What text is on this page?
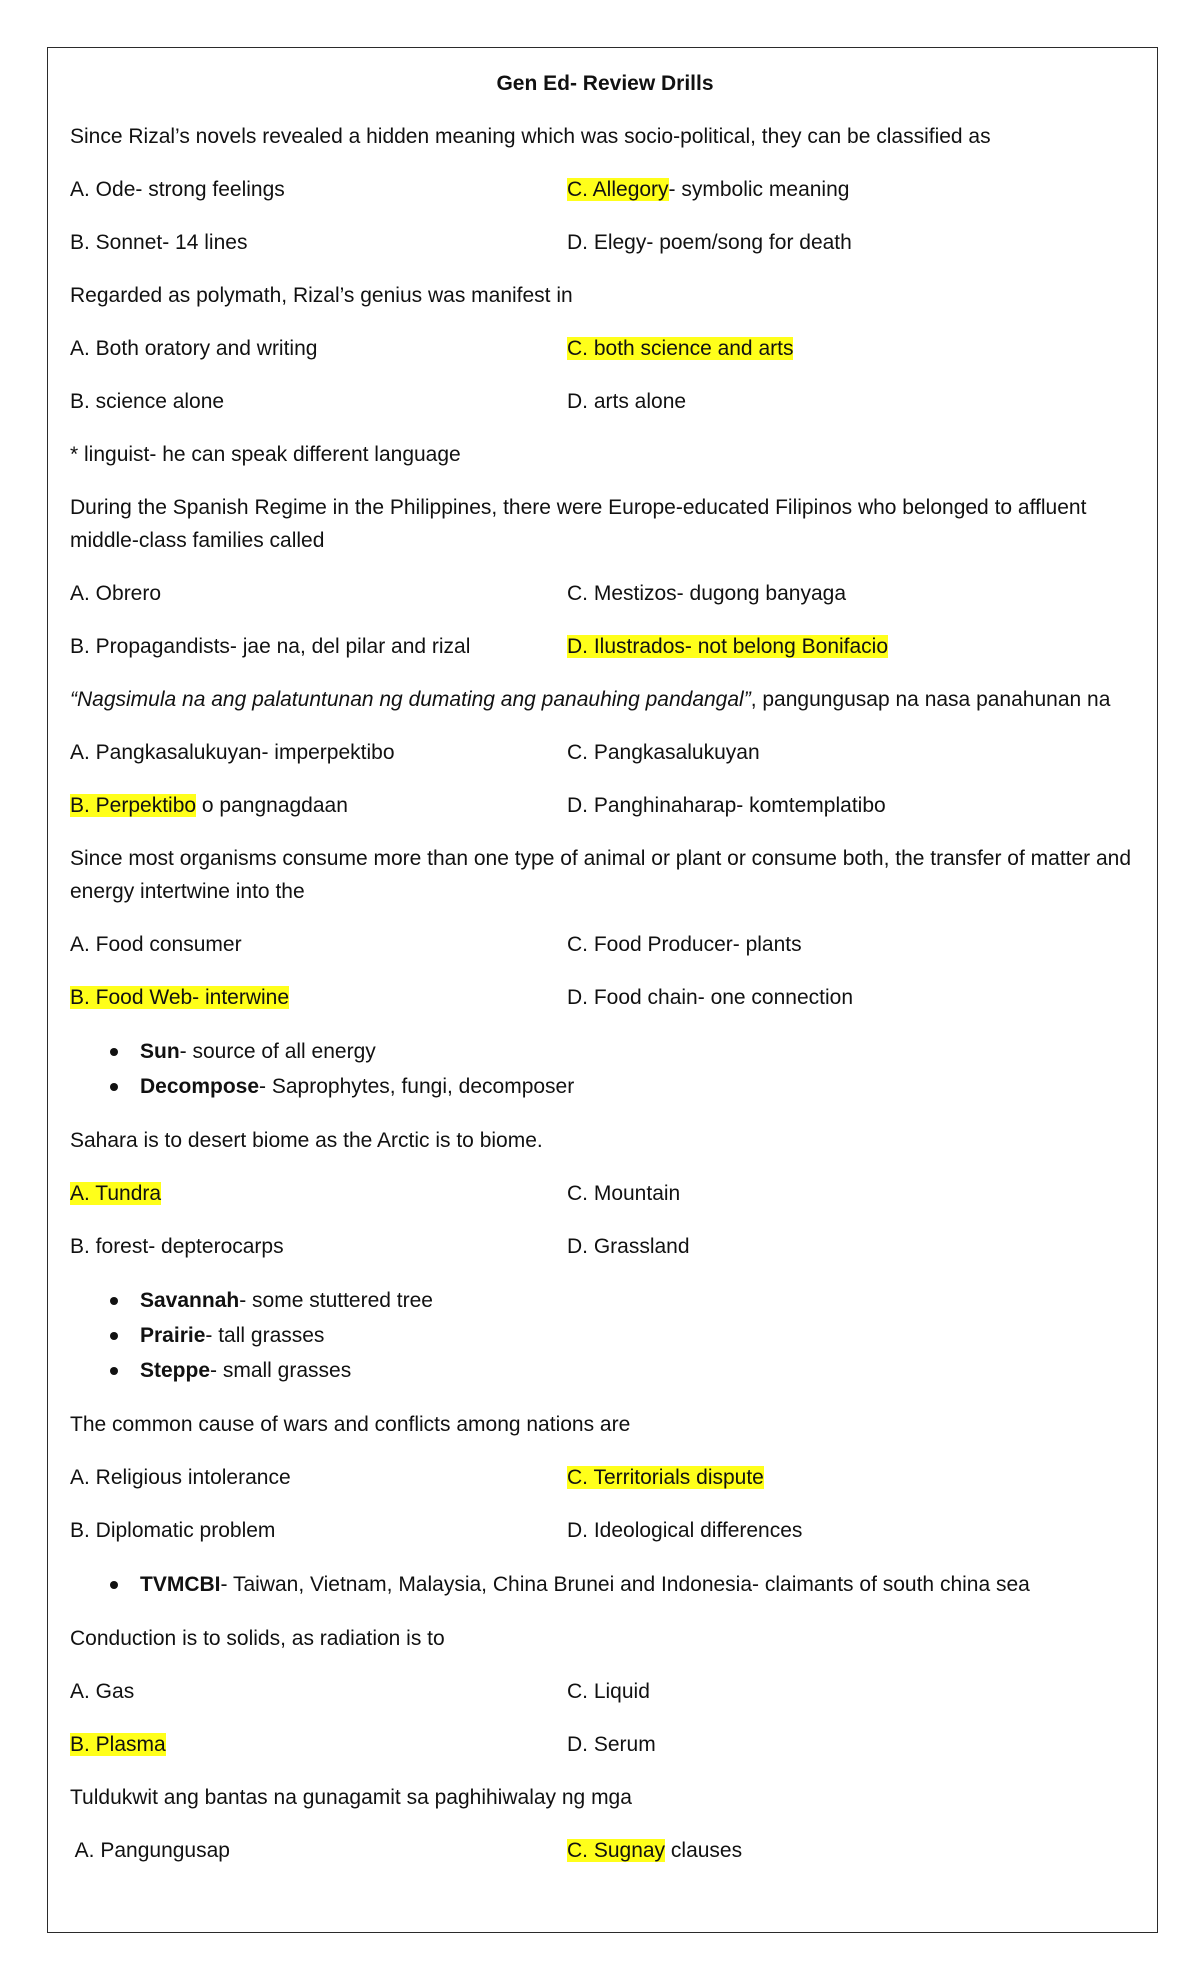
Gen Ed- Review Drills
Since Rizal’s novels revealed a hidden meaning which was socio-political, they can be classified as
A. Ode- strong feelings	C. Allegory- symbolic meaning
B. Sonnet- 14 lines	D. Elegy- poem/song for death
Regarded as polymath, Rizal’s genius was manifest in
A. Both oratory and writing	C. both science and arts
B. science alone	D. arts alone
* linguist- he can speak different language
During the Spanish Regime in the Philippines, there were Europe-educated Filipinos who belonged to affluent middle-class families called
A. Obrero	C. Mestizos- dugong banyaga
B. Propagandists- jae na, del pilar and rizal	D. Ilustrados- not belong Bonifacio
“Nagsimula na ang palatuntunan ng dumating ang panauhing pandangal”, pangungusap na nasa panahunan na
A. Pangkasalukuyan- imperpektibo	C. Pangkasalukuyan
B. Perpektibo o pangnagdaan	D. Panghinaharap- komtemplatibo
Since most organisms consume more than one type of animal or plant or consume both, the transfer of matter and energy intertwine into the
A. Food consumer	C. Food Producer- plants
B. Food Web- interwine	D. Food chain- one connection
Sun- source of all energy
Decompose- Saprophytes, fungi, decomposer
Sahara is to desert biome as the Arctic is to biome.
A. Tundra	C. Mountain
B. forest- depterocarps	D. Grassland
Savannah- some stuttered tree
Prairie- tall grasses
Steppe- small grasses
The common cause of wars and conflicts among nations are
A. Religious intolerance	C. Territorials dispute
B. Diplomatic problem	D. Ideological differences
TVMCBI- Taiwan, Vietnam, Malaysia, China Brunei and Indonesia- claimants of south china sea
Conduction is to solids, as radiation is to
A. Gas	C. Liquid
B. Plasma	D. Serum
Tuldukwit ang bantas na gunagamit sa paghihiwalay ng mga
A. Pangungusap	C. Sugnay clauses
